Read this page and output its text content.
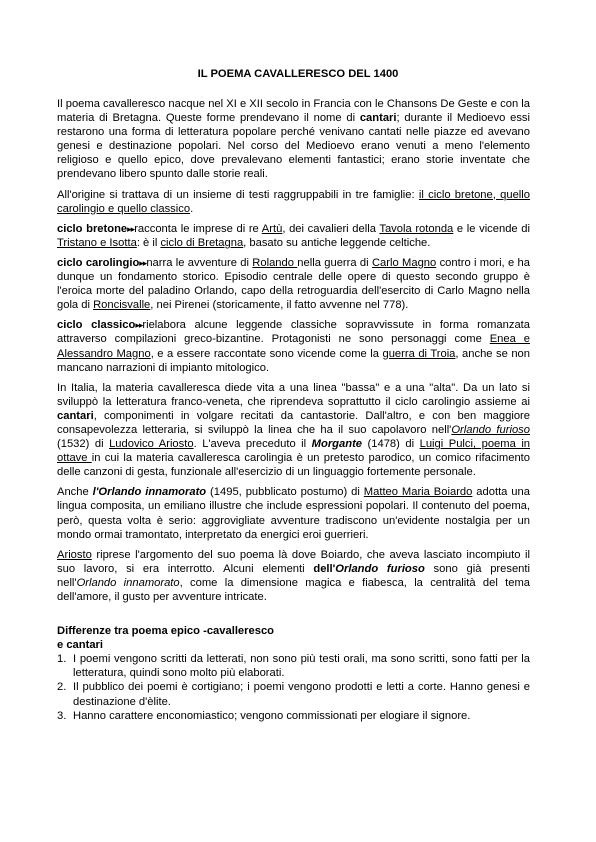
IL POEMA CAVALLERESCO DEL 1400

Il poema cavalleresco nacque nel XI e XII secolo in Francia con le Chansons De Geste e con la materia di Bretagna. Queste forme prendevano il nome di cantari; durante il Medioevo essi restarono una forma di letteratura popolare perché venivano cantati nelle piazze ed avevano genesi e destinazione popolari. Nel corso del Medioevo erano venuti a meno l'elemento religioso e quello epico, dove prevalevano elementi fantastici; erano storie inventate che prendevano libero spunto dalle storie reali.

All'origine si trattava di un insieme di testi raggruppabili in tre famiglie: il ciclo bretone, quello carolingio e quello classico.

ciclo bretone▸▸racconta le imprese di re Artù, dei cavalieri della Tavola rotonda e le vicende di Tristano e Isotta: è il ciclo di Bretagna, basato su antiche leggende celtiche.

ciclo carolingio▸▸narra le avventure di Rolando nella guerra di Carlo Magno contro i mori, e ha dunque un fondamento storico. Episodio centrale delle opere di questo secondo gruppo è l'eroica morte del paladino Orlando, capo della retroguardia dell'esercito di Carlo Magno nella gola di Roncisvalle, nei Pirenei (storicamente, il fatto avvenne nel 778).

ciclo classico▸▸rielabora alcune leggende classiche sopravvissute in forma romanzata attraverso compilazioni greco-bizantine. Protagonisti ne sono personaggi come Enea e Alessandro Magno, e a essere raccontate sono vicende come la guerra di Troia, anche se non mancano narrazioni di impianto mitologico.

In Italia, la materia cavalleresca diede vita a una linea "bassa" e a una "alta". Da un lato si sviluppò la letteratura franco-veneta, che riprendeva soprattutto il ciclo carolingio assieme ai cantari, componimenti in volgare recitati da cantastorie. Dall'altro, e con ben maggiore consapevolezza letteraria, si sviluppò la linea che ha il suo capolavoro nell'Orlando furioso (1532) di Ludovico Ariosto. L'aveva preceduto il Morgante (1478) di Luigi Pulci, poema in ottave in cui la materia cavalleresca carolingia è un pretesto parodico, un comico rifacimento delle canzoni di gesta, funzionale all'esercizio di un linguaggio fortemente personale.

Anche l'Orlando innamorato (1495, pubblicato postumo) di Matteo Maria Boiardo adotta una lingua composita, un emiliano illustre che include espressioni popolari. Il contenuto del poema, però, questa volta è serio: aggrovigliate avventure tradiscono un'evidente nostalgia per un mondo ormai tramontato, interpretato da energici eroi guerrieri.

Ariosto riprese l'argomento del suo poema là dove Boiardo, che aveva lasciato incompiuto il suo lavoro, si era interrotto. Alcuni elementi dell'Orlando furioso sono già presenti nell'Orlando innamorato, come la dimensione magica e fiabesca, la centralità del tema dell'amore, il gusto per avventure intricate.

Differenze tra poema epico -cavalleresco
e cantari
1. I poemi vengono scritti da letterati, non sono più testi orali, ma sono scritti, sono fatti per la letteratura, quindi sono molto più elaborati.
2. Il pubblico dei poemi è cortigiano; i poemi vengono prodotti e letti a corte. Hanno genesi e destinazione d'èlite.
3. Hanno carattere enconomiastico; vengono commissionati per elogiare il signore.
